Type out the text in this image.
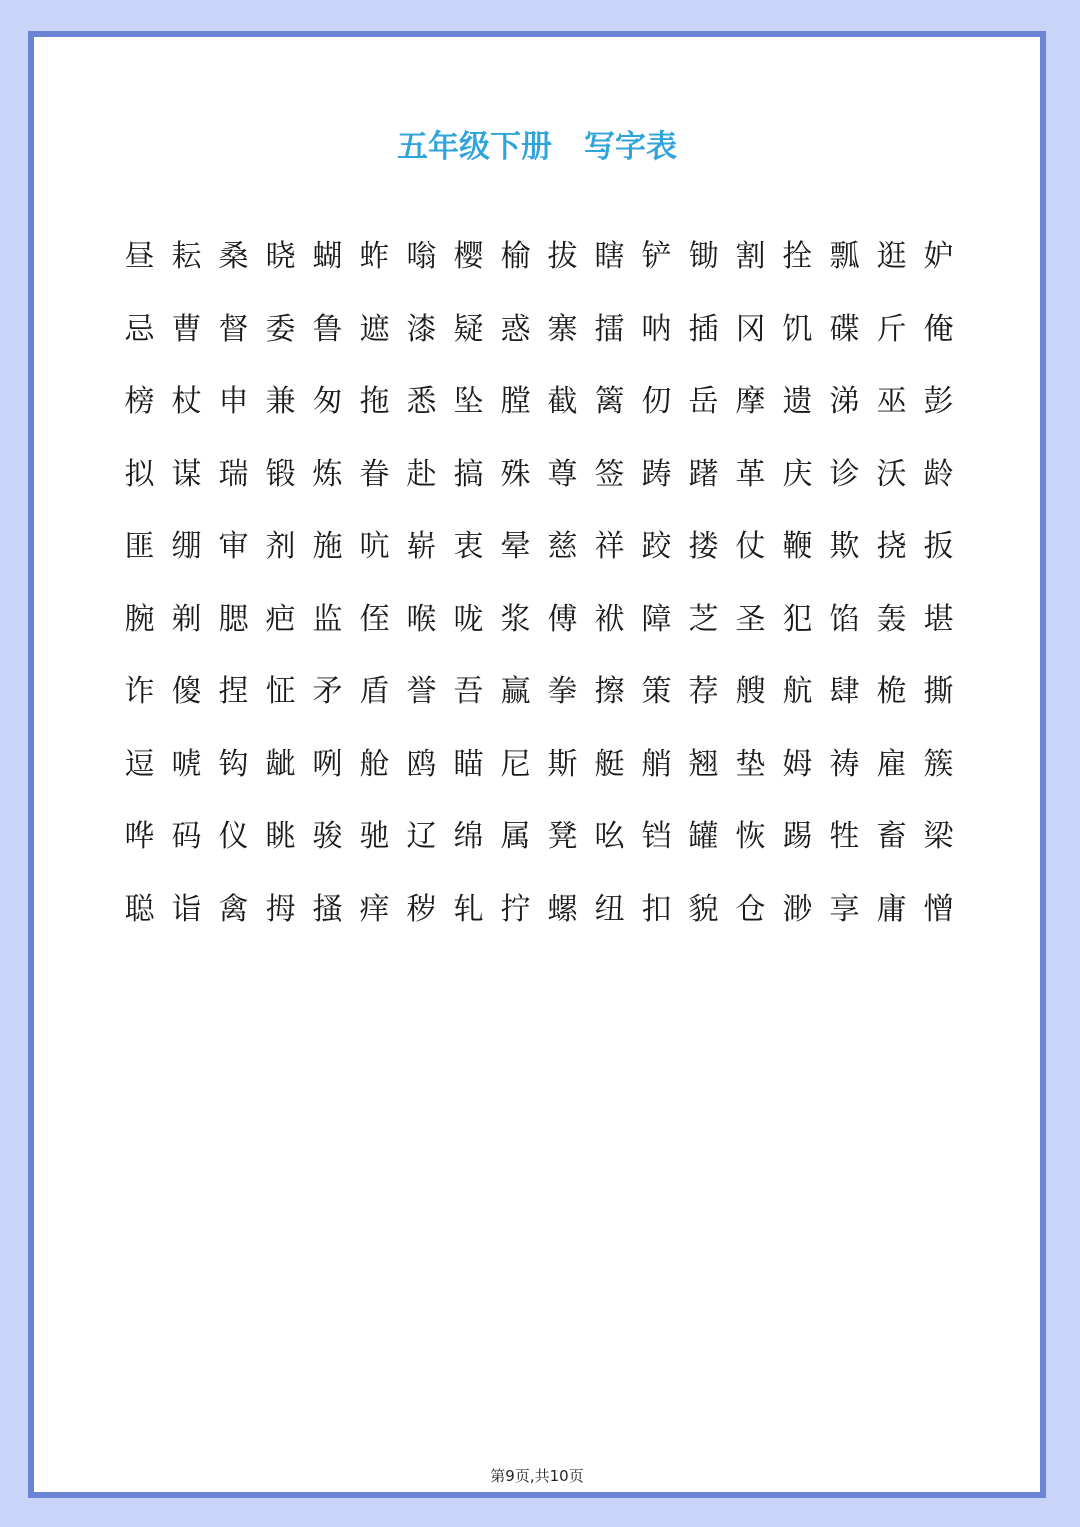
五年级下册 写字表
昼 耘 桑 晓 蝴 蚱 嗡 樱 榆 拔 瞎 铲 锄 割 拴 瓢 逛 妒
忌 曹 督 委 鲁 遮 漆 疑 惑 寨 擂 呐 插 冈 饥 碟 斤 俺
榜 杖 申 兼 匆 拖 悉 坠 膛 截 篱 仞 岳 摩 遗 涕 巫 彭
拟 谋 瑞 锻 炼 眷 赴 搞 殊 尊 签 踌 躇 革 庆 诊 沃 龄
匪 绷 审 剂 施 吭 崭 衷 晕 慈 祥 跤 搂 仗 鞭 欺 挠 扳
腕 剃 腮 疤 监 侄 喉 咙 浆 傅 袱 障 芝 圣 犯 馅 轰 堪
诈 傻 捏 怔 矛 盾 誉 吾 赢 拳 擦 策 荐 艘 航 肆 桅 撕
逗 唬 钩 龇 咧 舱 鸥 瞄 尼 斯 艇 艄 翘 垫 姆 祷 雇 簇
哗 码 仪 眺 骏 驰 辽 绵 属 凳 吆 铛 罐 恢 踢 牲 畜 梁
聪 诣 禽 拇 搔 痒 秽 轧 拧 螺 纽 扣 貌 仓 渺 享 庸 憎
第9页,共10页
